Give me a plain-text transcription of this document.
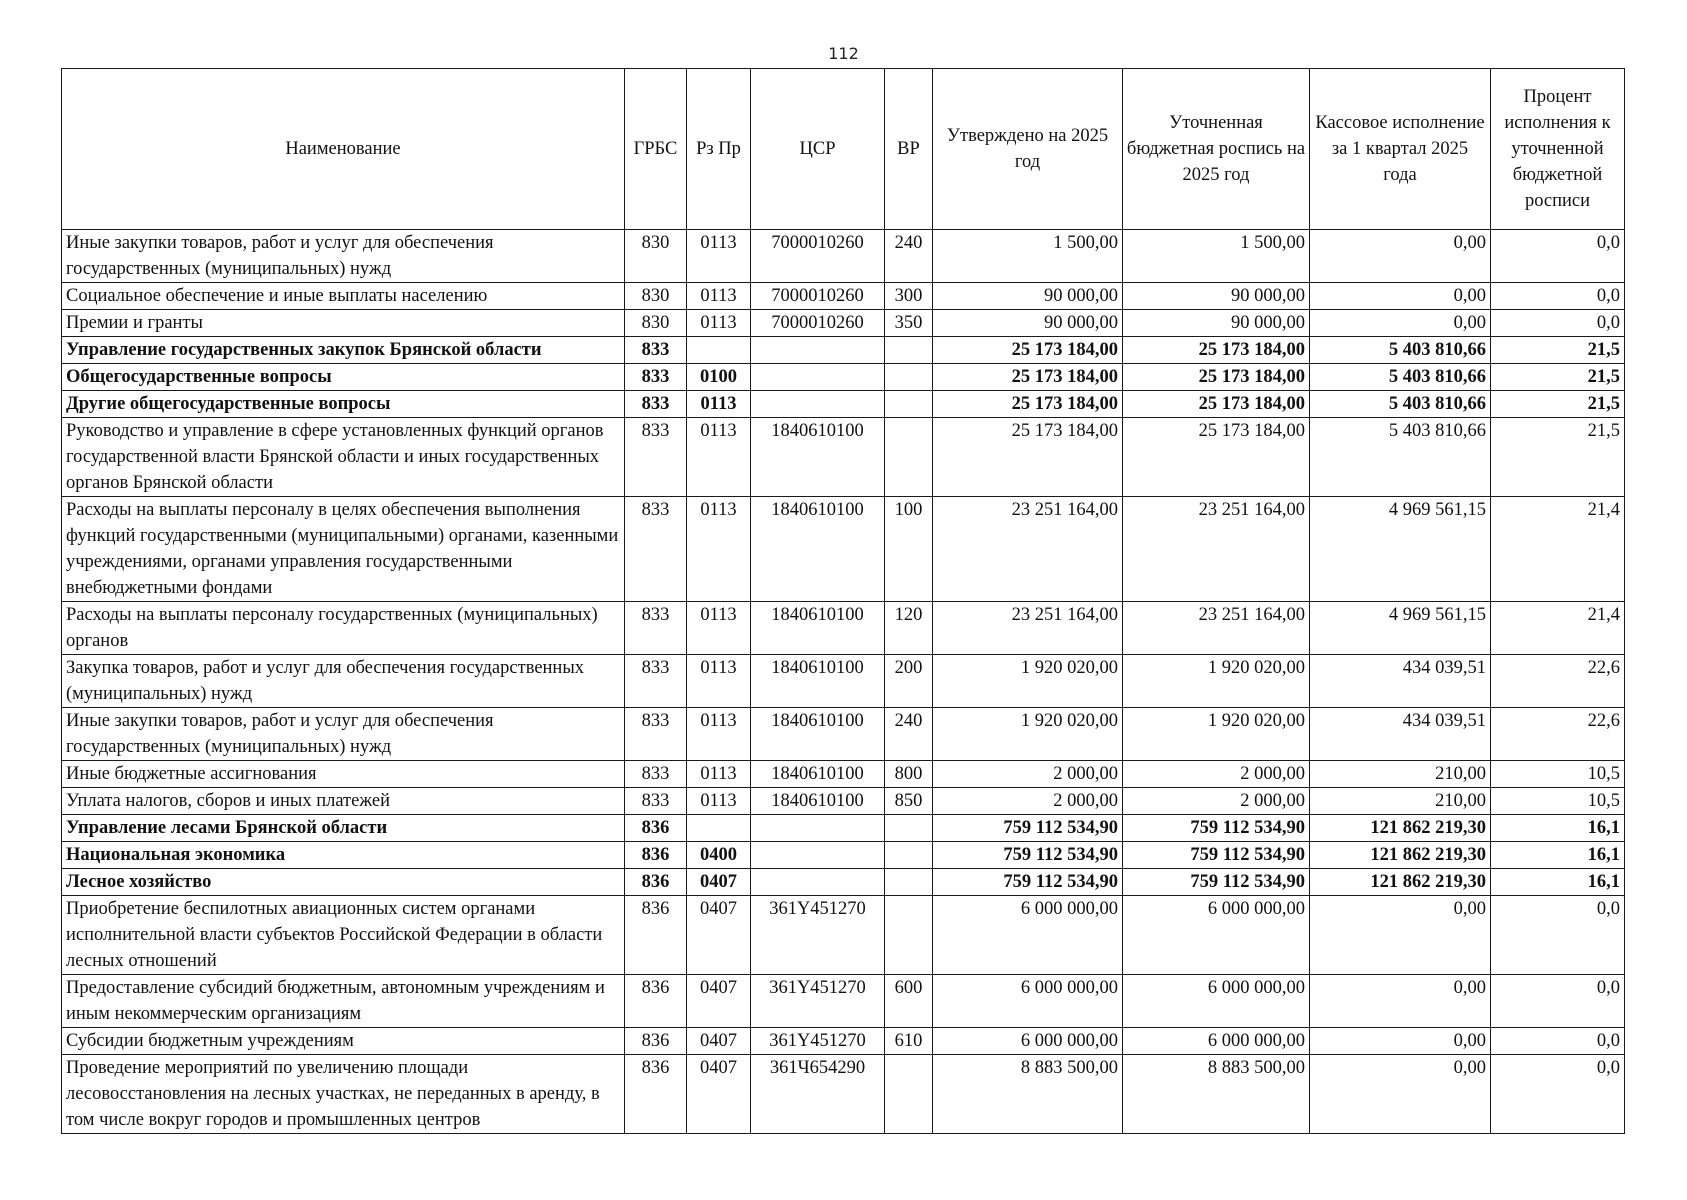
112
Наименование	ГРБС	Рз Пр	ЦСР	ВР	Утверждено на 2025 год	Уточненная бюджетная роспись на 2025 год	Кассовое исполнение за 1 квартал 2025 года	Процент исполнения к уточненной бюджетной росписи
Иные закупки товаров, работ и услуг для обеспечения государственных (муниципальных) нужд	830	0113	7000010260	240	1 500,00	1 500,00	0,00	0,0
Социальное обеспечение и иные выплаты населению	830	0113	7000010260	300	90 000,00	90 000,00	0,00	0,0
Премии и гранты	830	0113	7000010260	350	90 000,00	90 000,00	0,00	0,0
Управление государственных закупок Брянской области	833				25 173 184,00	25 173 184,00	5 403 810,66	21,5
Общегосударственные вопросы	833	0100			25 173 184,00	25 173 184,00	5 403 810,66	21,5
Другие общегосударственные вопросы	833	0113			25 173 184,00	25 173 184,00	5 403 810,66	21,5
Руководство и управление в сфере установленных функций органов государственной власти Брянской области и иных государственных органов Брянской области	833	0113	1840610100		25 173 184,00	25 173 184,00	5 403 810,66	21,5
Расходы на выплаты персоналу в целях обеспечения выполнения функций государственными (муниципальными) органами, казенными учреждениями, органами управления государственными внебюджетными фондами	833	0113	1840610100	100	23 251 164,00	23 251 164,00	4 969 561,15	21,4
Расходы на выплаты персоналу государственных (муниципальных) органов	833	0113	1840610100	120	23 251 164,00	23 251 164,00	4 969 561,15	21,4
Закупка товаров, работ и услуг для обеспечения государственных (муниципальных) нужд	833	0113	1840610100	200	1 920 020,00	1 920 020,00	434 039,51	22,6
Иные закупки товаров, работ и услуг для обеспечения государственных (муниципальных) нужд	833	0113	1840610100	240	1 920 020,00	1 920 020,00	434 039,51	22,6
Иные бюджетные ассигнования	833	0113	1840610100	800	2 000,00	2 000,00	210,00	10,5
Уплата налогов, сборов и иных платежей	833	0113	1840610100	850	2 000,00	2 000,00	210,00	10,5
Управление лесами Брянской области	836				759 112 534,90	759 112 534,90	121 862 219,30	16,1
Национальная экономика	836	0400			759 112 534,90	759 112 534,90	121 862 219,30	16,1
Лесное хозяйство	836	0407			759 112 534,90	759 112 534,90	121 862 219,30	16,1
Приобретение беспилотных авиационных систем органами исполнительной власти субъектов Российской Федерации в области лесных отношений	836	0407	361Y451270		6 000 000,00	6 000 000,00	0,00	0,0
Предоставление субсидий бюджетным, автономным учреждениям и иным некоммерческим организациям	836	0407	361Y451270	600	6 000 000,00	6 000 000,00	0,00	0,0
Субсидии бюджетным учреждениям	836	0407	361Y451270	610	6 000 000,00	6 000 000,00	0,00	0,0
Проведение мероприятий по увеличению площади лесовосстановления на лесных участках, не переданных в аренду, в том числе вокруг городов и промышленных центров	836	0407	361Ч654290		8 883 500,00	8 883 500,00	0,00	0,0
